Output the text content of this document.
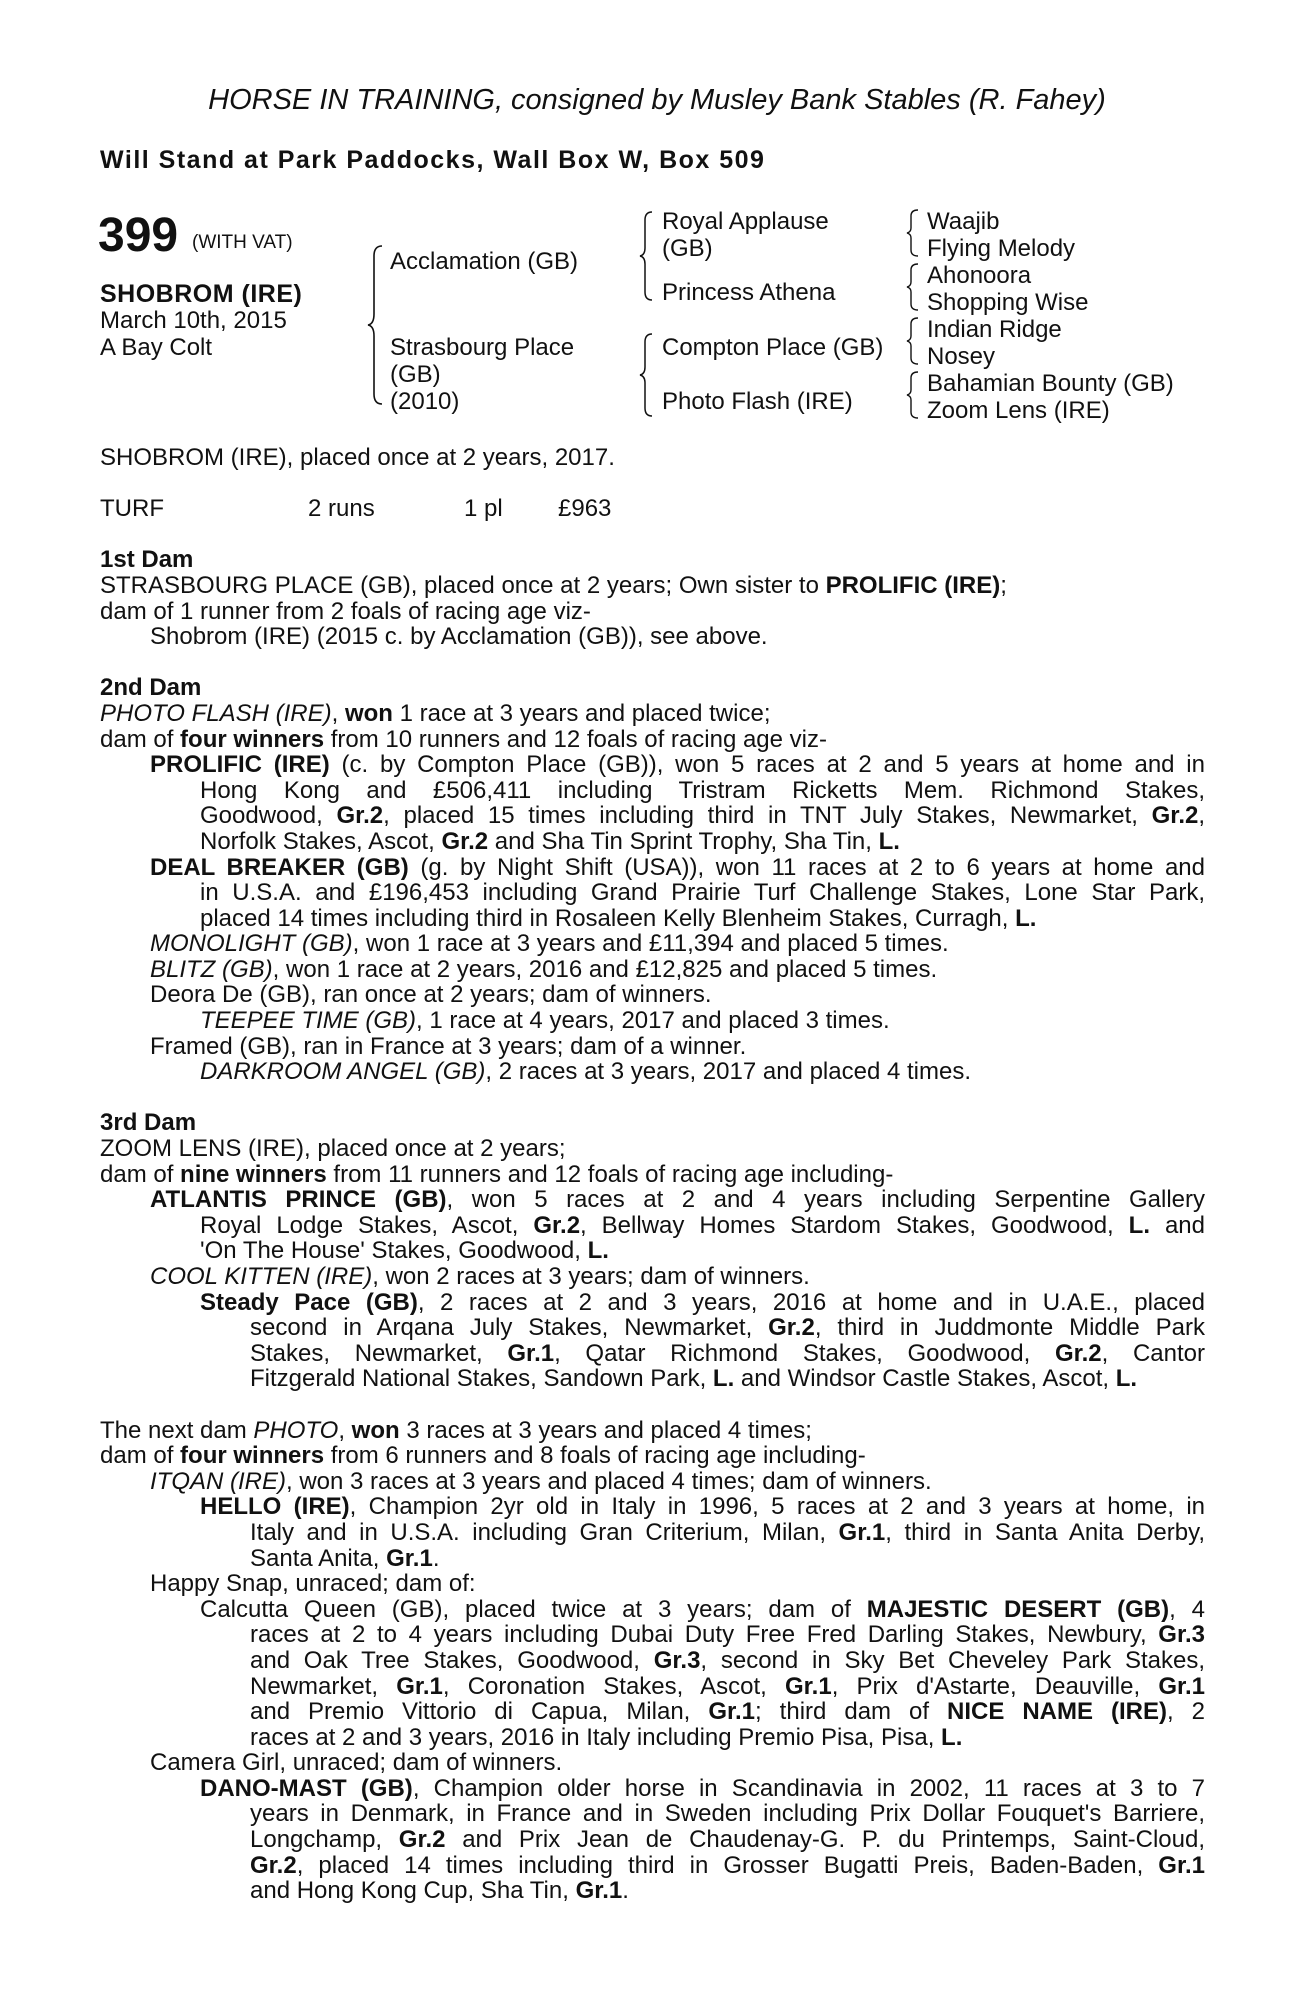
HORSE IN TRAINING, consigned by Musley Bank Stables (R. Fahey)
Will Stand at Park Paddocks, Wall Box W, Box 509
399 (WITH VAT)
SHOBROM (IRE)
March 10th, 2015
A Bay Colt
Acclamation (GB)
Strasbourg Place
(GB)
(2010)
Royal Applause
(GB)
Princess Athena
Compton Place (GB)
Photo Flash (IRE)
Waajib
Flying Melody
Ahonoora
Shopping Wise
Indian Ridge
Nosey
Bahamian Bounty (GB)
Zoom Lens (IRE)
SHOBROM (IRE), placed once at 2 years, 2017.
TURF	2 runs	1 pl £963
1st Dam
STRASBOURG PLACE (GB), placed once at 2 years; Own sister to PROLIFIC (IRE);
dam of 1 runner from 2 foals of racing age viz-
Shobrom (IRE) (2015 c. by Acclamation (GB)), see above.
2nd Dam
PHOTO FLASH (IRE), won 1 race at 3 years and placed twice;
dam of four winners from 10 runners and 12 foals of racing age viz-
PROLIFIC (IRE) (c. by Compton Place (GB)), won 5 races at 2 and 5 years at home and in
Hong Kong and £506,411 including Tristram Ricketts Mem. Richmond Stakes,
Goodwood, Gr.2, placed 15 times including third in TNT July Stakes, Newmarket, Gr.2,
Norfolk Stakes, Ascot, Gr.2 and Sha Tin Sprint Trophy, Sha Tin, L.
DEAL BREAKER (GB) (g. by Night Shift (USA)), won 11 races at 2 to 6 years at home and
in U.S.A. and £196,453 including Grand Prairie Turf Challenge Stakes, Lone Star Park,
placed 14 times including third in Rosaleen Kelly Blenheim Stakes, Curragh, L.
MONOLIGHT (GB), won 1 race at 3 years and £11,394 and placed 5 times.
BLITZ (GB), won 1 race at 2 years, 2016 and £12,825 and placed 5 times.
Deora De (GB), ran once at 2 years; dam of winners.
TEEPEE TIME (GB), 1 race at 4 years, 2017 and placed 3 times.
Framed (GB), ran in France at 3 years; dam of a winner.
DARKROOM ANGEL (GB), 2 races at 3 years, 2017 and placed 4 times.
3rd Dam
ZOOM LENS (IRE), placed once at 2 years;
dam of nine winners from 11 runners and 12 foals of racing age including-
ATLANTIS PRINCE (GB), won 5 races at 2 and 4 years including Serpentine Gallery
Royal Lodge Stakes, Ascot, Gr.2, Bellway Homes Stardom Stakes, Goodwood, L. and
'On The House' Stakes, Goodwood, L.
COOL KITTEN (IRE), won 2 races at 3 years; dam of winners.
Steady Pace (GB), 2 races at 2 and 3 years, 2016 at home and in U.A.E., placed
second in Arqana July Stakes, Newmarket, Gr.2, third in Juddmonte Middle Park
Stakes, Newmarket, Gr.1, Qatar Richmond Stakes, Goodwood, Gr.2, Cantor
Fitzgerald National Stakes, Sandown Park, L. and Windsor Castle Stakes, Ascot, L.
The next dam PHOTO, won 3 races at 3 years and placed 4 times;
dam of four winners from 6 runners and 8 foals of racing age including-
ITQAN (IRE), won 3 races at 3 years and placed 4 times; dam of winners.
HELLO (IRE), Champion 2yr old in Italy in 1996, 5 races at 2 and 3 years at home, in
Italy and in U.S.A. including Gran Criterium, Milan, Gr.1, third in Santa Anita Derby,
Santa Anita, Gr.1.
Happy Snap, unraced; dam of:
Calcutta Queen (GB), placed twice at 3 years; dam of MAJESTIC DESERT (GB), 4
races at 2 to 4 years including Dubai Duty Free Fred Darling Stakes, Newbury, Gr.3
and Oak Tree Stakes, Goodwood, Gr.3, second in Sky Bet Cheveley Park Stakes,
Newmarket, Gr.1, Coronation Stakes, Ascot, Gr.1, Prix d'Astarte, Deauville, Gr.1
and Premio Vittorio di Capua, Milan, Gr.1; third dam of NICE NAME (IRE), 2
races at 2 and 3 years, 2016 in Italy including Premio Pisa, Pisa, L.
Camera Girl, unraced; dam of winners.
DANO-MAST (GB), Champion older horse in Scandinavia in 2002, 11 races at 3 to 7
years in Denmark, in France and in Sweden including Prix Dollar Fouquet's Barriere,
Longchamp, Gr.2 and Prix Jean de Chaudenay-G. P. du Printemps, Saint-Cloud,
Gr.2, placed 14 times including third in Grosser Bugatti Preis, Baden-Baden, Gr.1
and Hong Kong Cup, Sha Tin, Gr.1.
